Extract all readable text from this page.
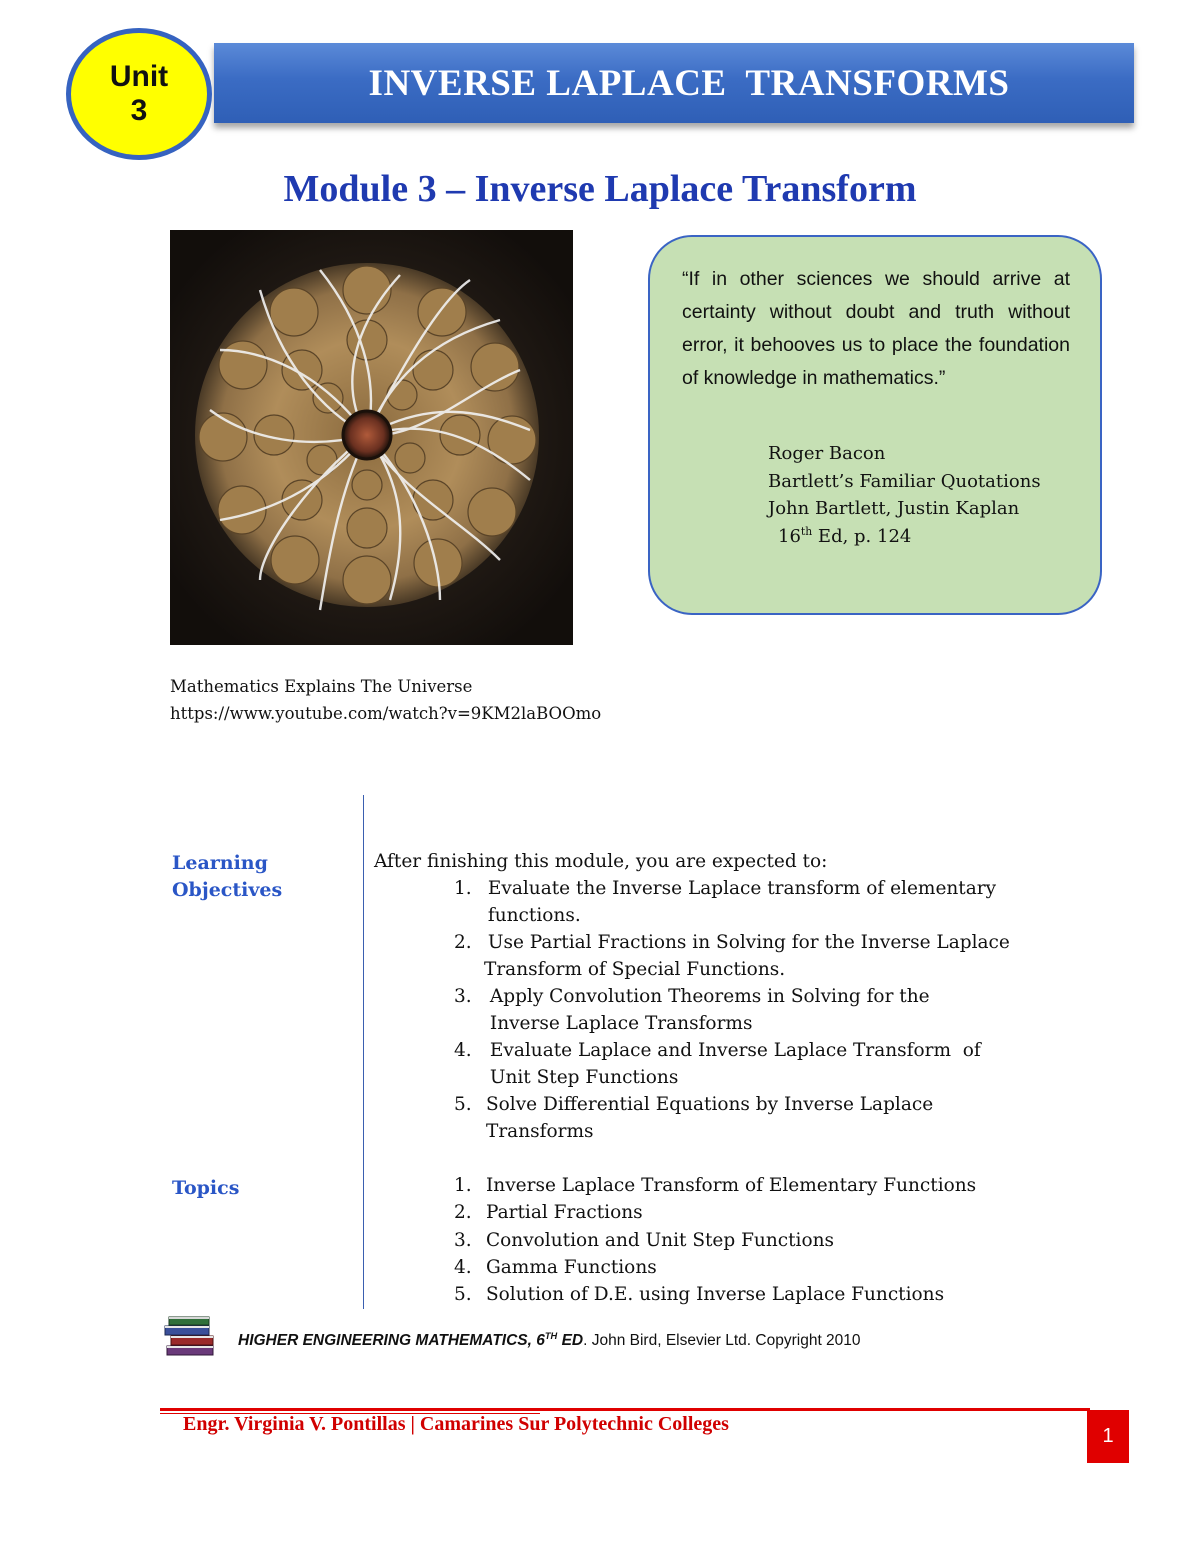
INVERSE LAPLACE  TRANSFORMS
Unit
3
Module 3 – Inverse Laplace Transform
“If in other sciences we should arrive at certainty without doubt and truth without error, it behooves us to place the foundation of knowledge in mathematics.”
Roger Bacon
Bartlett’s Familiar Quotations
John Bartlett, Justin Kaplan
16th Ed, p. 124
Mathematics Explains The Universe
https://www.youtube.com/watch?v=9KM2laBOOmo
Learning
Objectives
After finishing this module, you are expected to:
1. Evaluate the Inverse Laplace transform of elementary
functions.
2. Use Partial Fractions in Solving for the Inverse Laplace
Transform of Special Functions.
3. Apply Convolution Theorems in Solving for the
Inverse Laplace Transforms
4. Evaluate Laplace and Inverse Laplace Transform  of
Unit Step Functions
5. Solve Differential Equations by Inverse Laplace
Transforms
Topics	1. Inverse Laplace Transform of Elementary Functions
2. Partial Fractions
3. Convolution and Unit Step Functions
4. Gamma Functions
5. Solution of D.E. using Inverse Laplace Functions
HIGHER ENGINEERING MATHEMATICS, 6TH ED. John Bird, Elsevier Ltd. Copyright 2010
Engr. Virginia V. Pontillas | Camarines Sur Polytechnic Colleges
1
